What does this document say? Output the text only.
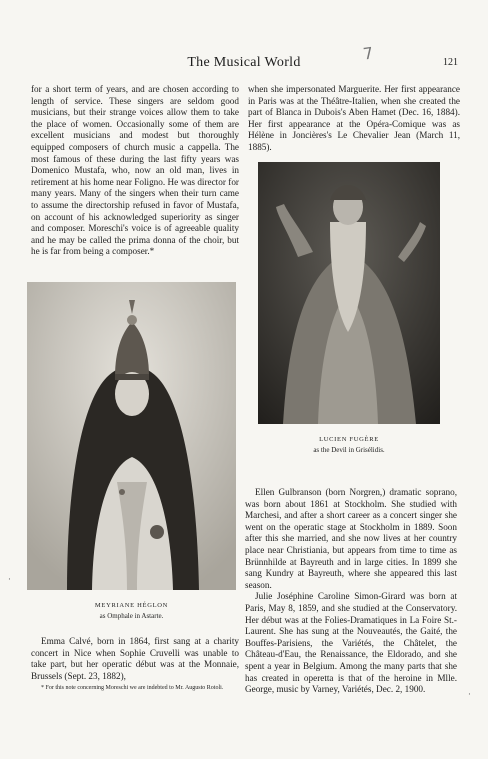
The Musical World	121
7

for a short term of years, and are chosen according to length of service. These singers are seldom good musicians, but their strange voices allow them to take the place of women. Occasionally some of them are excellent musicians and modest but thoroughly equipped composers of church music a cappella. The most famous of these during the last fifty years was Domenico Mustafa, who, now an old man, lives in retirement at his home near Foligno. He was director for many years. Many of the singers when their turn came to assume the directorship refused in favor of Mustafa, on account of his acknowledged superiority as singer and composer. Moreschi's voice is of agreeable quality and he may be called the prima donna of the choir, but he is far from being a composer.*

when she impersonated Marguerite. Her first appearance in Paris was at the Théâtre-Italien, when she created the part of Blanca in Dubois's Aben Hamet (Dec. 16, 1884). Her first appearance at the Opéra-Comique was as Hélène in Joncières's Le Chevalier Jean (March 11, 1885).

MEYRIANE HÉGLON
as Omphale in Astarte.
LUCIEN FUGÈRE
as the Devil in Grisélidis.

Ellen Gulbranson (born Norgren,) dramatic soprano, was born about 1861 at Stockholm. She studied with Marchesi, and after a short career as a concert singer she went on the operatic stage at Stockholm in 1889. Soon after this she married, and she now lives at her country place near Christiania, but appears from time to time as Brünnhilde at Bayreuth and in large cities. In 1899 she sang Kundry at Bayreuth, where she appeared this last season.

Julie Joséphine Caroline Simon-Girard was born at Paris, May 8, 1859, and she studied at the Conservatory. Her début was at the Folies-Dramatiques in La Foire St.-Laurent. She has sung at the Nouveautés, the Gaité, the Bouffes-Parisiens, the Variétés, the Châtelet, the Château-d'Eau, the Renaissance, the Eldorado, and she spent a year in Belgium. Among the many parts that she has created in operetta is that of the heroine in Mlle. George, music by Varney, Variétés, Dec. 2, 1900.

Emma Calvé, born in 1864, first sang at a charity concert in Nice when Sophie Cruvelli was unable to take part, but her operatic début was at the Monnaie, Brussels (Sept. 23, 1882),

* For this note concerning Moreschi we are indebted to Mr. Augusto Rotoli.

·
·
